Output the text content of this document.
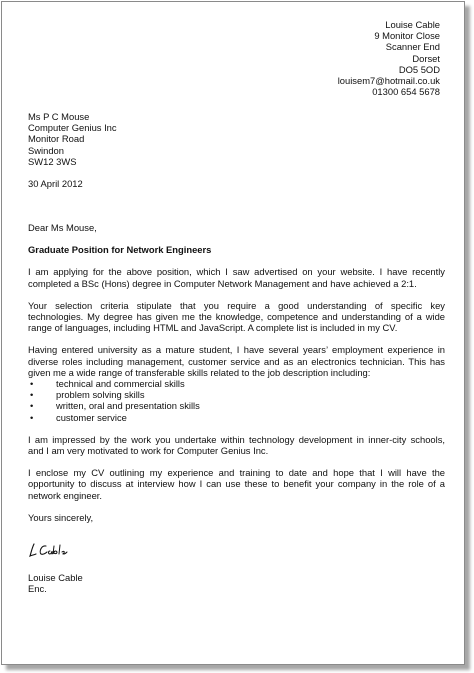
Louise Cable
9 Monitor Close
Scanner End
Dorset
DO5 5OD
louisem7@hotmail.co.uk
01300 654 5678
Ms P C Mouse
Computer Genius Inc
Monitor Road
Swindon
SW12 3WS
30 April 2012

Dear Ms Mouse,

Graduate Position for Network Engineers

I am applying for the above position, which I saw advertised on your website. I have recently
completed a BSc (Hons) degree in Computer Network Management and have achieved a 2:1.

Your selection criteria stipulate that you require a good understanding of specific key
technologies. My degree has given me the knowledge, competence and understanding of a wide
range of languages, including HTML and JavaScript. A complete list is included in my CV.

Having entered university as a mature student, I have several years’ employment experience in
diverse roles including management, customer service and as an electronics technician. This has
given me a wide range of transferable skills related to the job description including:

• technical and commercial skills
• problem solving skills
• written, oral and presentation skills
• customer service

I am impressed by the work you undertake within technology development in inner-city schools,
and I am very motivated to work for Computer Genius Inc.

I enclose my CV outlining my experience and training to date and hope that I will have the
opportunity to discuss at interview how I can use these to benefit your company in the role of a
network engineer.

Yours sincerely,

Louise Cable
Enc.
